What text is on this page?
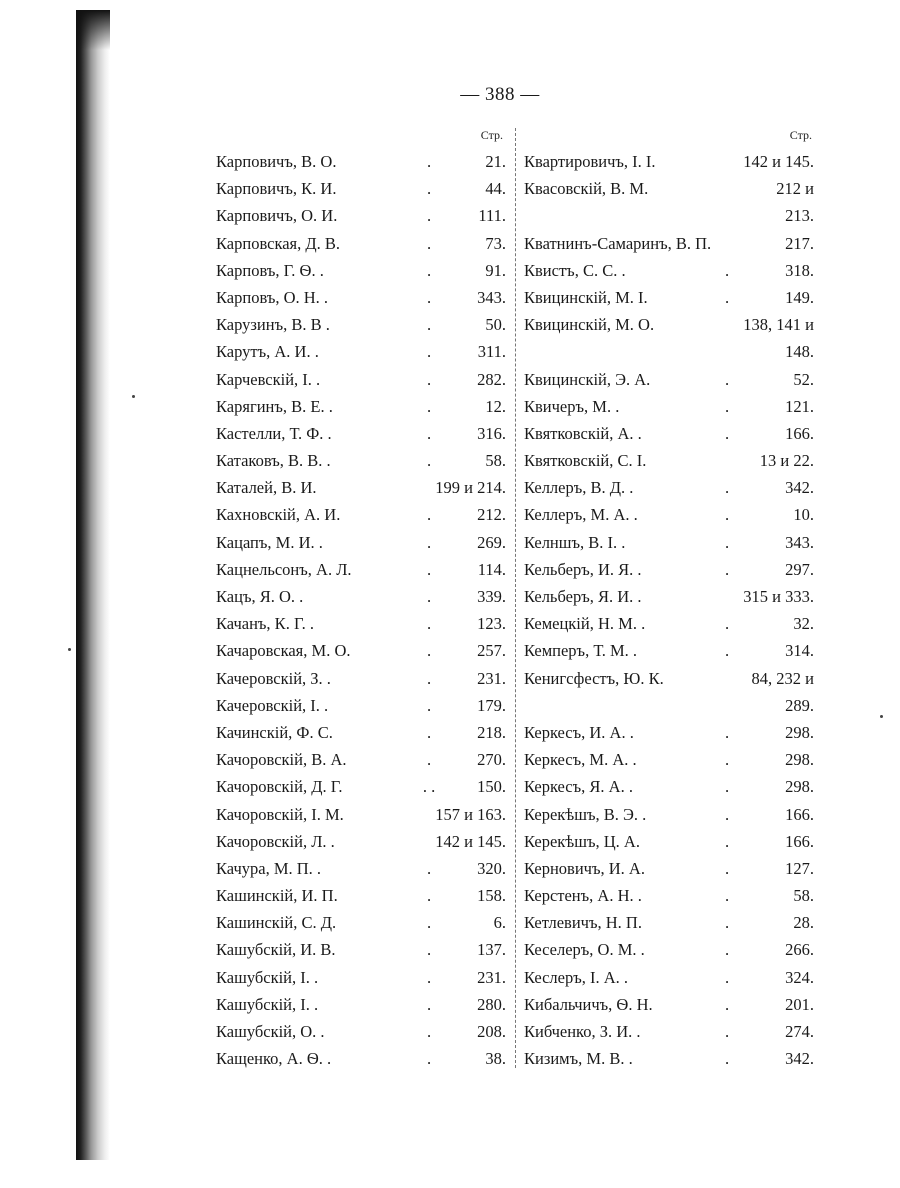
— 388 —
Стр.	Стр.
Карповичъ, В. О.	.	21.
Карповичъ, К. И.	.	44.
Карповичъ, О. И.	.	111.
Карповская, Д. В.	.	73.
Карповъ, Г. Ѳ. .	.	91.
Карповъ, О. Н. .	.	343.
Карузинъ, В. В .	.	50.
Карутъ, А. И. .	.	311.
Карчевскій, І. .	.	282.
Карягинъ, В. Е. .	.	12.
Кастелли, Т. Ф. .	.	316.
Катаковъ, В. В. .	.	58.
Каталей, В. И.	199 и 214.
Кахновскій, А. И.	.	212.
Кацапъ, М. И. .	.	269.
Кацнельсонъ, А. Л.	.	114.
Кацъ, Я. О. .	.	339.
Качанъ, К. Г. .	.	123.
Качаровская, М. О.	.	257.
Качеровскій, З. .	.	231.
Качеровскій, І. .	.	179.
Качинскій, Ф. С.	.	218.
Качоровскій, В. А.	.	270.
Качоровскій, Д. Г.	. .	150.
Качоровскій, І. М.	157 и 163.
Качоровскій, Л. .	142 и 145.
Качура, М. П. .	.	320.
Кашинскій, И. П.	.	158.
Кашинскій, С. Д.	.	6.
Кашубскій, И. В.	.	137.
Кашубскій, І. .	.	231.
Кашубскій, І. .	.	280.
Кашубскій, О. .	.	208.
Кащенко, А. Ѳ. .	.	38.
Квартировичъ, І. І.	142 и 145.
Квасовскій, В. М.	212 и
213.
Кватнинъ-Самаринъ, В. П.	217.
Квистъ, С. С. .	.	318.
Квицинскій, М. І.	.	149.
Квицинскій, М. О.	138, 141 и
148.
Квицинскій, Э. А.	.	52.
Квичеръ, М. .	.	121.
Квятковскій, А. .	.	166.
Квятковскій, С. І.	13 и 22.
Келлеръ, В. Д. .	.	342.
Келлеръ, М. А. .	.	10.
Келншъ, В. І. .	.	343.
Кельберъ, И. Я. .	.	297.
Кельберъ, Я. И. .	315 и 333.
Кемецкій, Н. М. .	.	32.
Кемперъ, Т. М. .	.	314.
Кенигсфестъ, Ю. К.	84, 232 и
289.
Керкесъ, И. А. .	.	298.
Керкесъ, М. А. .	.	298.
Керкесъ, Я. А. .	.	298.
Керекѣшъ, В. Э. .	.	166.
Керекѣшъ, Ц. А.	.	166.
Керновичъ, И. А.	.	127.
Керстенъ, А. Н. .	.	58.
Кетлевичъ, Н. П.	.	28.
Кеселеръ, О. М. .	.	266.
Кеслеръ, І. А. .	.	324.
Кибальчичъ, Ѳ. Н.	.	201.
Кибченко, З. И. .	.	274.
Кизимъ, М. В. .	.	342.
